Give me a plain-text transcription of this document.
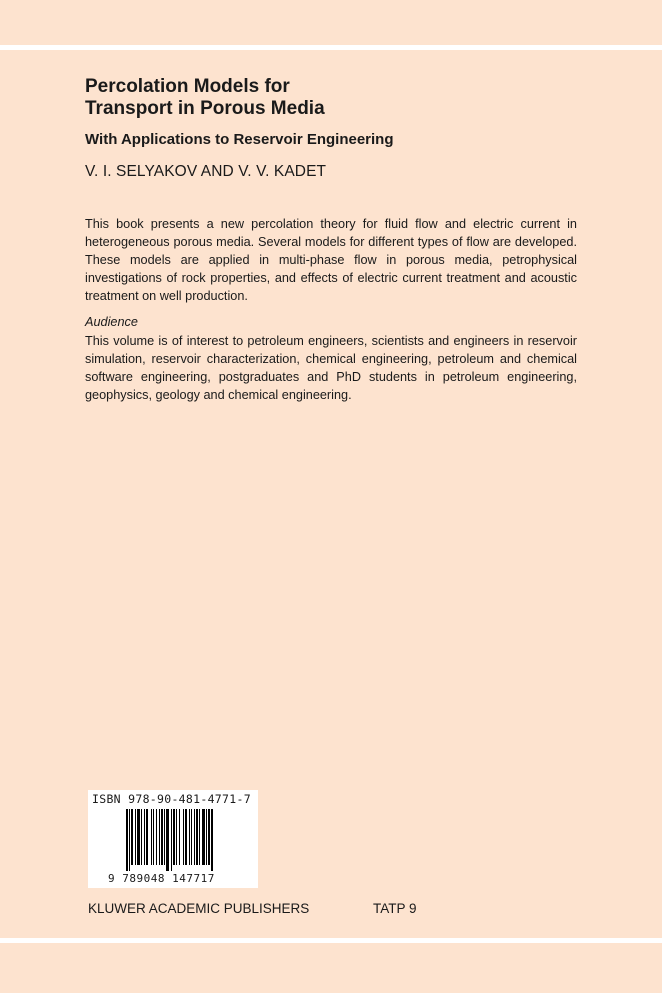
Percolation Models for
Transport in Porous Media
With Applications to Reservoir Engineering

V. I. SELYAKOV AND V. V. KADET

This book presents a new percolation theory for fluid flow and electric current in heterogeneous porous media. Several models for different types of flow are developed. These models are applied in multi-phase flow in porous media, petrophysical investigations of rock properties, and effects of electric current treatment and acoustic treatment on well production.

Audience

This volume is of interest to petroleum engineers, scientists and engineers in reservoir simulation, reservoir characterization, chemical engineering, petroleum and chemical software engineering, postgraduates and PhD students in petroleum engineering, geophysics, geology and chemical engineering.

ISBN 978-90-481-4771-7
9 789048 147717

KLUWER ACADEMIC PUBLISHERS	TATP 9
